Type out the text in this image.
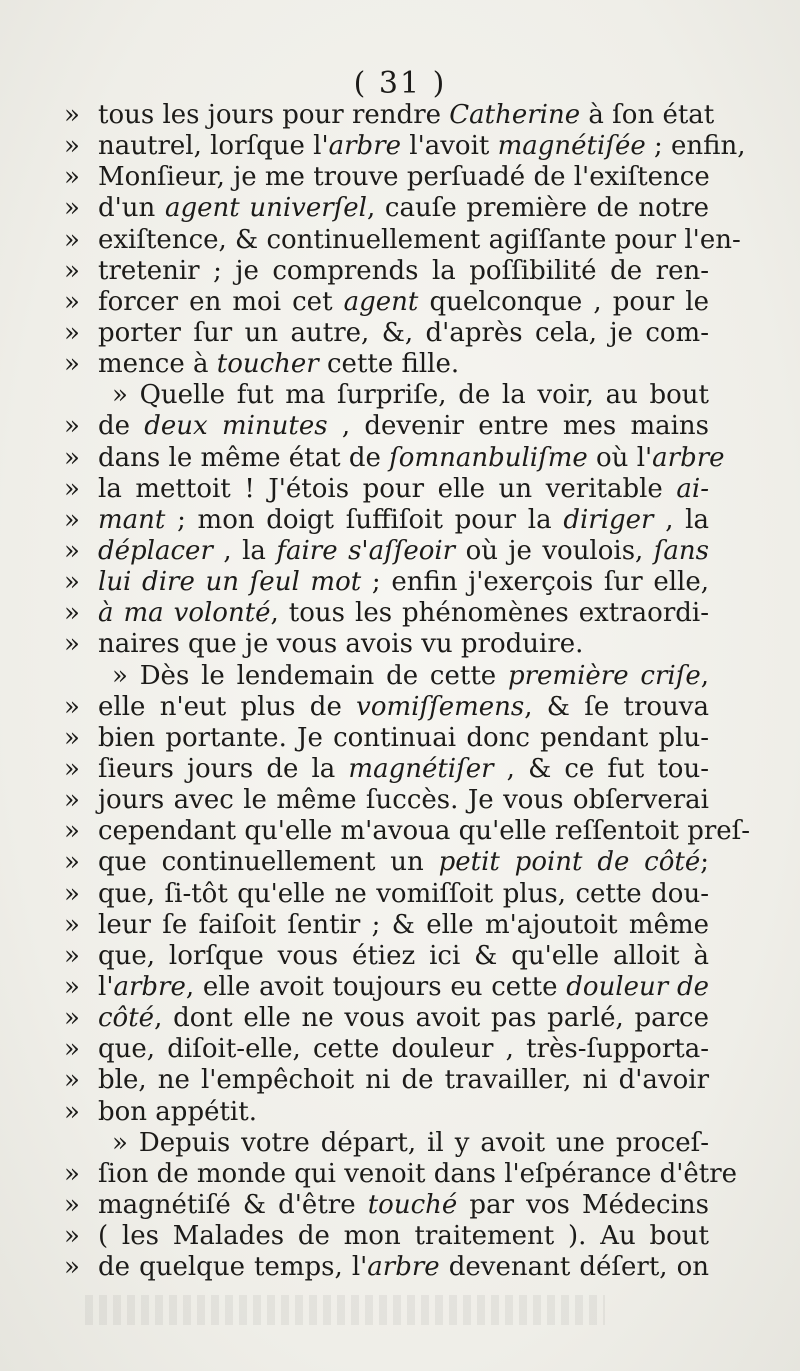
( 31 )
»tous les jours pour rendre Catherine à ſon état
»nautrel, lorſque l'arbre l'avoit magnétiſée ; enfin,
»Monſieur, je me trouve perſuadé de l'exiſtence
»d'un agent univerſel, cauſe première de notre
»exiſtence, & continuellement agiſſante pour l'en-
»tretenir ; je comprends la poſſibilité de ren-
»forcer en moi cet agent quelconque , pour le
»porter ſur un autre, &, d'après cela, je com-
»mence à toucher cette fille.
» Quelle fut ma ſurpriſe, de la voir, au bout
»de deux minutes , devenir entre mes mains
»dans le même état de ſomnanbuliſme où l'arbre
»la mettoit ! J'étois pour elle un veritable ai-
»mant ; mon doigt ſuffiſoit pour la diriger , la
»déplacer , la faire s'aſſeoir où je voulois, ſans
»lui dire un ſeul mot ; enfin j'exerçois ſur elle,
»à ma volonté, tous les phénomènes extraordi-
»naires que je vous avois vu produire.
» Dès le lendemain de cette première criſe,
»elle n'eut plus de vomiſſemens, & ſe trouva
»bien portante. Je continuai donc pendant plu-
»ſieurs jours de la magnétiſer , & ce fut tou-
»jours avec le même ſuccès. Je vous obſerverai
»cependant qu'elle m'avoua qu'elle reſſentoit preſ-
»que continuellement un petit point de côté;
»que, ſi-tôt qu'elle ne vomiſſoit plus, cette dou-
»leur ſe faiſoit ſentir ; & elle m'ajoutoit même
»que, lorſque vous étiez ici & qu'elle alloit à
»l'arbre, elle avoit toujours eu cette douleur de
»côté, dont elle ne vous avoit pas parlé, parce
»que, diſoit-elle, cette douleur , très-ſupporta-
»ble, ne l'empêchoit ni de travailler, ni d'avoir
»bon appétit.
» Depuis votre départ, il y avoit une proceſ-
»ſion de monde qui venoit dans l'eſpérance d'être
»magnétiſé & d'être touché par vos Médecins
»( les Malades de mon traitement ). Au bout
»de quelque temps, l'arbre devenant déſert, on
